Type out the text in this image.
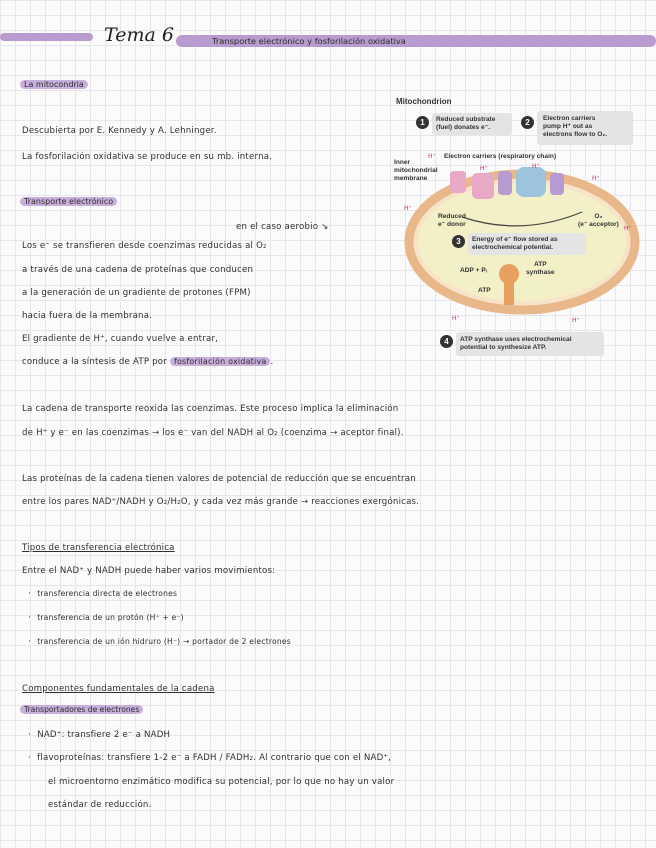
Tema 6	Transporte electrónico y fosforilación oxidativa
La mitocondria
Descubierta por E. Kennedy y A. Lehninger.
La fosforilación oxidativa se produce en su mb. interna.
Transporte electrónico
en el caso aerobio ↘
Los e⁻ se transfieren desde coenzimas reducidas al O₂
a través de una cadena de proteínas que conducen
a la generación de un gradiente de protones (FPM)
hacia fuera de la membrana.
El gradiente de H⁺, cuando vuelve a entrar,
conduce a la síntesis de ATP por fosforilación oxidativa .
La cadena de transporte reoxida las coenzimas. Este proceso implica la eliminación
de H⁺ y e⁻ en las coenzimas → los e⁻ van del NADH al O₂ (coenzima → aceptor final).
Las proteínas de la cadena tienen valores de potencial de reducción que se encuentran
entre los pares NAD⁺/NADH y O₂/H₂O, y cada vez más grande → reacciones exergónicas.
Tipos de transferencia electrónica
Entre el NAD⁺ y NADH puede haber varios movimientos:
·  transferencia directa de electrones
·  transferencia de un protón (H⁺ + e⁻)
·  transferencia de un ión hidruro (H⁻) → portador de 2 electrones
Componentes fundamentales de la cadena
Transportadores de electrones
·  NAD⁺: transfiere 2 e⁻ a NADH
·  flavoproteínas: transfiere 1-2 e⁻ a FADH / FADH₂. Al contrario que con el NAD⁺,
el microentorno enzimático modifica su potencial, por lo que no hay un valor
estándar de reducción.
Mitochondrion
1	Reduced substrate
(fuel) donates e⁻.
2	Electron carriers
pump H⁺ out as
electrons flow to O₂.
Inner
mitochondrial
membrane
Electron carriers (respiratory chain)
H⁺
H⁺	H⁺
H⁺
H⁺
H⁺
H⁺	H⁺
Reduced
e⁻ donor
O₂
(e⁻ acceptor)
3	Energy of e⁻ flow stored as
electrochemical potential.
ADP + Pᵢ
ATP
ATP
synthase
4	ATP synthase uses electrochemical
potential to synthesize ATP.
